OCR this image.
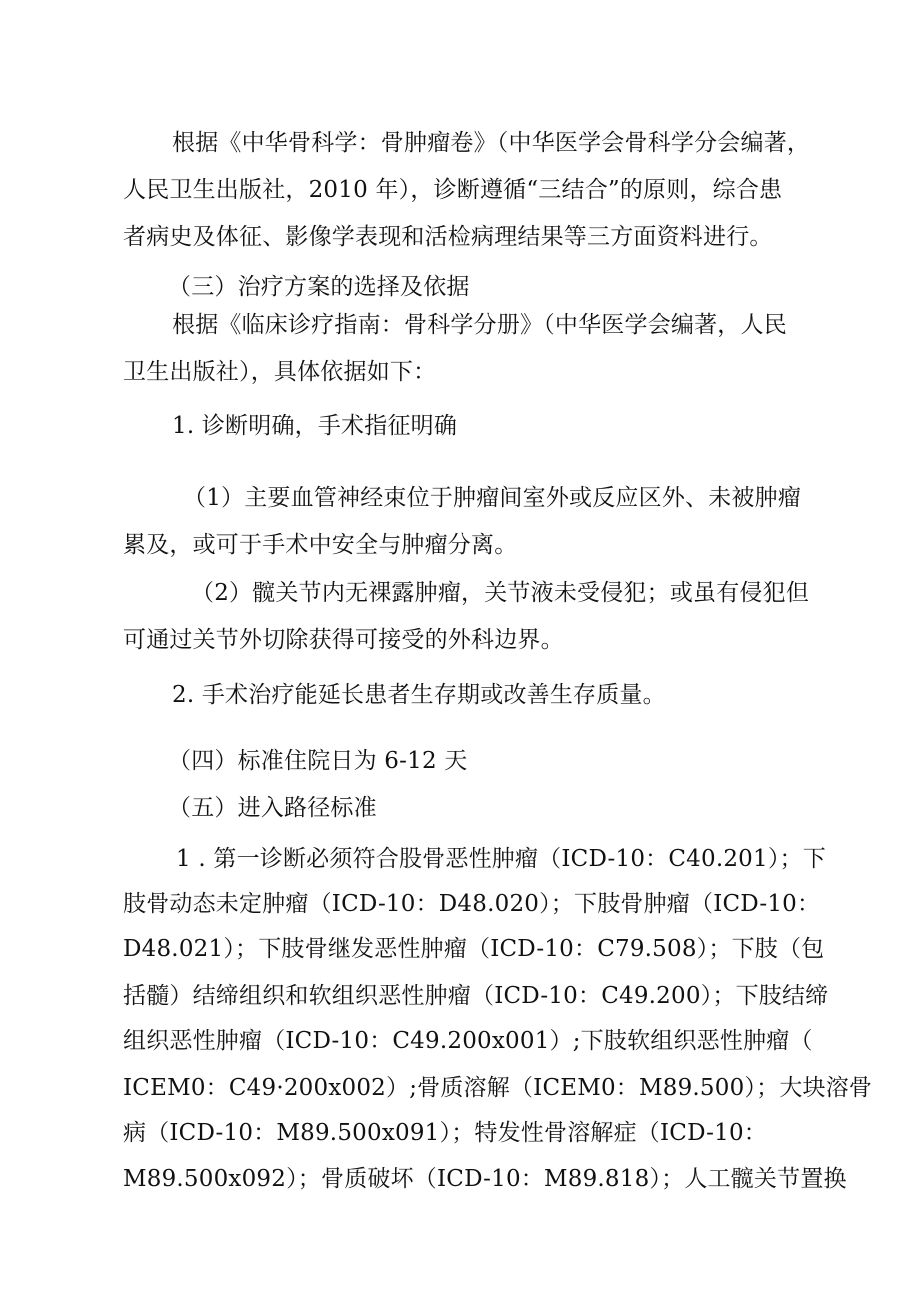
根据《中华骨科学：骨肿瘤卷》（中华医学会骨科学分会编著，
人民卫生出版社，2010 年），诊断遵循“三结合”的原则，综合患
者病史及体征、影像学表现和活检病理结果等三方面资料进行。
（三）治疗方案的选择及依据
根据《临床诊疗指南：骨科学分册》（中华医学会编著，人民
卫生出版社），具体依据如下：
1. 诊断明确，手术指征明确
（1）主要血管神经束位于肿瘤间室外或反应区外、未被肿瘤
累及，或可于手术中安全与肿瘤分离。
（2）髋关节内无裸露肿瘤，关节液未受侵犯；或虽有侵犯但
可通过关节外切除获得可接受的外科边界。
2. 手术治疗能延长患者生存期或改善生存质量。
（四）标准住院日为 6-12 天
（五）进入路径标准
1 . 第一诊断必须符合股骨恶性肿瘤（ICD-10：C40.201）；下
肢骨动态未定肿瘤（ICD-10：D48.020）；下肢骨肿瘤（ICD-10：
D48.021）；下肢骨继发恶性肿瘤（ICD-10：C79.508）；下肢（包
括髓）结缔组织和软组织恶性肿瘤（ICD-10：C49.200）；下肢结缔
组织恶性肿瘤（ICD-10：C49.200x001）;下肢软组织恶性肿瘤（
ICEM0：C49·200x002）;骨质溶解（ICEM0：M89.500）；大块溶骨
病（ICD-10：M89.500x091）；特发性骨溶解症（ICD-10：
M89.500x092）；骨质破坏（ICD-10：M89.818）；人工髋关节置换
